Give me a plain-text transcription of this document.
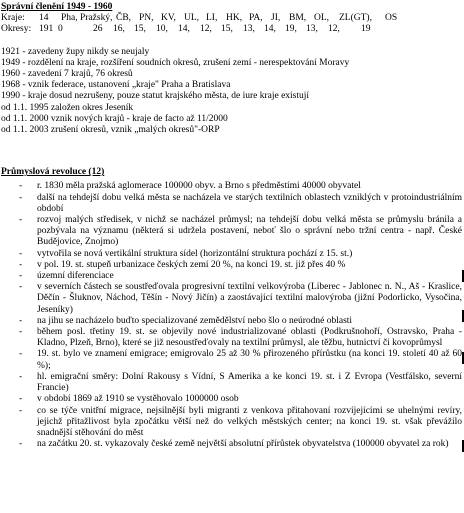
Správní členění 1949 - 1960
Kraje:	14	Pha, Pražský, ČB, PN, KV, UL, LI, HK, PA, JI, BM, OL,	ZL(GT),	OS
Okresy: 191 0	26	16, 15,	10,	14,	12, 15,	13, 14, 19, 13,	12,	19
1921 - zavedeny župy nikdy se neujaly
1949 - rozdělení na kraje, rozšíření soudních okresů, zrušení zemí - nerespektování Moravy
1960 - zavedení 7 krajů, 76 okresů
1968 - vznik federace, ustanovení „kraje" Praha a Bratislava
1990 - kraje dosud nezrušeny, pouze statut krajského města, de iure kraje existují
od 1.1. 1995 založen okres Jeseník
od 1.1. 2000 vznik nových krajů - kraje de facto až 11/2000
od 1.1. 2003 zrušení okresů, vznik „malých okresů"-ORP
Průmyslová revoluce (12)
- r. 1830 měla pražská aglomerace 100000 obyv. a Brno s předměstími 40000 obyvatel
- další na tehdejší dobu velká města se nacházela ve starých textilních oblastech vzniklých v protoindustriálním období
- rozvoj malých středisek, v nichž se nacházel průmysl; na tehdejší dobu velká města se průmyslu bránila a pozbývala na významu (některá si udržela postavení, neboť šlo o správní nebo tržní centra - např. České Budějovice, Znojmo)
- vytvořila se nová vertikální struktura sídel (horizontální struktura pochází z 15. st.)
- v pol. 19. st. stupeň urbanizace českých zemí 20 %, na konci 19. st. již přes 40 %
- územní diferenciace
- v severních částech se soustřeďovala progresivní textilní velkovýroba (Liberec - Jablonec n. N., Aš - Kraslice, Děčín - Šluknov, Náchod, Těšín - Nový Jičín) a zaostávající textilní malovýroba (jižní Podorlicko, Vysočina, Jeseníky)
- na jihu se nacházelo buďto specializované zemědělství nebo šlo o neúrodné oblasti
- během posl. třetiny 19. st. se objevily nové industrializované oblasti (Podkrušnohoří, Ostravsko, Praha - Kladno, Plzeň, Brno), které se již nesoustřeďovaly na textilní průmysl, ale těžbu, hutnictví či kovoprůmysl
- 19. st. bylo ve znamení emigrace; emigrovalo 25 až 30 % přirozeného přírůstku (na konci 19. století 40 až 60 %);
- hl. emigrační směry: Dolní Rakousy s Vídní, S Amerika a ke konci 19. st. i Z Evropa (Vestfálsko, severní Francie)
- v období 1869 až 1910 se vystěhovalo 1000000 osob
- co se týče vnitřní migrace, nejsilnější byli migranti z venkova přitahovaní rozvíjejícími se uhelnými revíry, jejichž přitažlivost byla zpočátku větší než do velkých městských center; na konci 19. st. však převážilo snadnější stěhování do měst
- na začátku 20. st. vykazovaly české země největší absolutní přírůstek obyvatelstva (100000 obyvatel za rok)
